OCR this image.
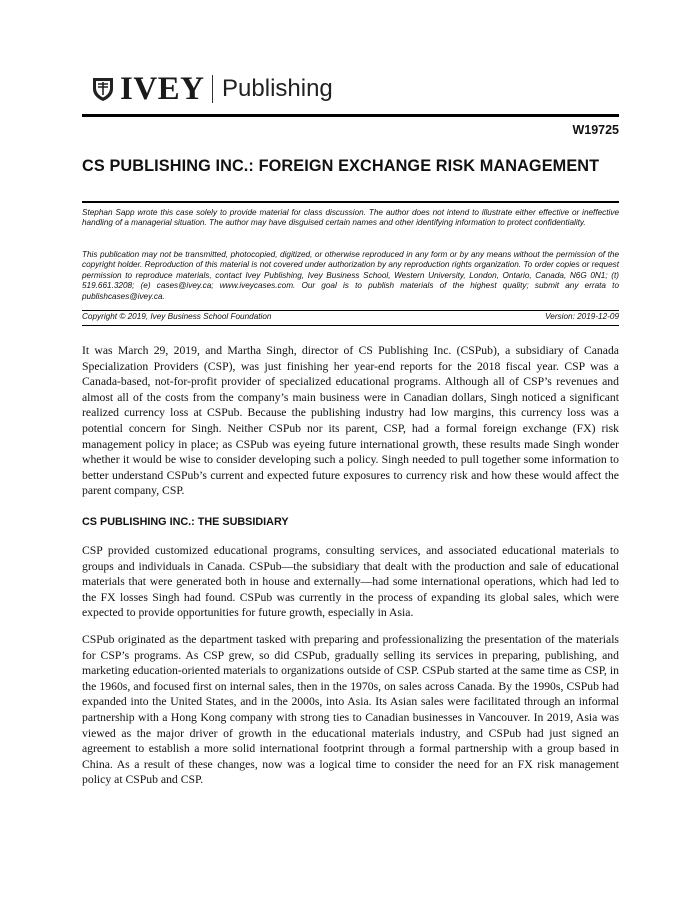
IVEY Publishing
W19725
CS PUBLISHING INC.: FOREIGN EXCHANGE RISK MANAGEMENT

Stephan Sapp wrote this case solely to provide material for class discussion. The author does not intend to illustrate either effective or ineffective handling of a managerial situation. The author may have disguised certain names and other identifying information to protect confidentiality.

This publication may not be transmitted, photocopied, digitized, or otherwise reproduced in any form or by any means without the permission of the copyright holder. Reproduction of this material is not covered under authorization by any reproduction rights organization. To order copies or request permission to reproduce materials, contact Ivey Publishing, Ivey Business School, Western University, London, Ontario, Canada, N6G 0N1; (t) 519.661.3208; (e) cases@ivey.ca; www.iveycases.com. Our goal is to publish materials of the highest quality; submit any errata to publishcases@ivey.ca.

Copyright © 2019, Ivey Business School Foundation	Version: 2019-12-09

It was March 29, 2019, and Martha Singh, director of CS Publishing Inc. (CSPub), a subsidiary of Canada Specialization Providers (CSP), was just finishing her year-end reports for the 2018 fiscal year. CSP was a Canada-based, not-for-profit provider of specialized educational programs. Although all of CSP’s revenues and almost all of the costs from the company’s main business were in Canadian dollars, Singh noticed a significant realized currency loss at CSPub. Because the publishing industry had low margins, this currency loss was a potential concern for Singh. Neither CSPub nor its parent, CSP, had a formal foreign exchange (FX) risk management policy in place; as CSPub was eyeing future international growth, these results made Singh wonder whether it would be wise to consider developing such a policy. Singh needed to pull together some information to better understand CSPub’s current and expected future exposures to currency risk and how these would affect the parent company, CSP.

CS PUBLISHING INC.: THE SUBSIDIARY

CSP provided customized educational programs, consulting services, and associated educational materials to groups and individuals in Canada. CSPub—the subsidiary that dealt with the production and sale of educational materials that were generated both in house and externally—had some international operations, which had led to the FX losses Singh had found. CSPub was currently in the process of expanding its global sales, which were expected to provide opportunities for future growth, especially in Asia.

CSPub originated as the department tasked with preparing and professionalizing the presentation of the materials for CSP’s programs. As CSP grew, so did CSPub, gradually selling its services in preparing, publishing, and marketing education-oriented materials to organizations outside of CSP. CSPub started at the same time as CSP, in the 1960s, and focused first on internal sales, then in the 1970s, on sales across Canada. By the 1990s, CSPub had expanded into the United States, and in the 2000s, into Asia. Its Asian sales were facilitated through an informal partnership with a Hong Kong company with strong ties to Canadian businesses in Vancouver. In 2019, Asia was viewed as the major driver of growth in the educational materials industry, and CSPub had just signed an agreement to establish a more solid international footprint through a formal partnership with a group based in China. As a result of these changes, now was a logical time to consider the need for an FX risk management policy at CSPub and CSP.
